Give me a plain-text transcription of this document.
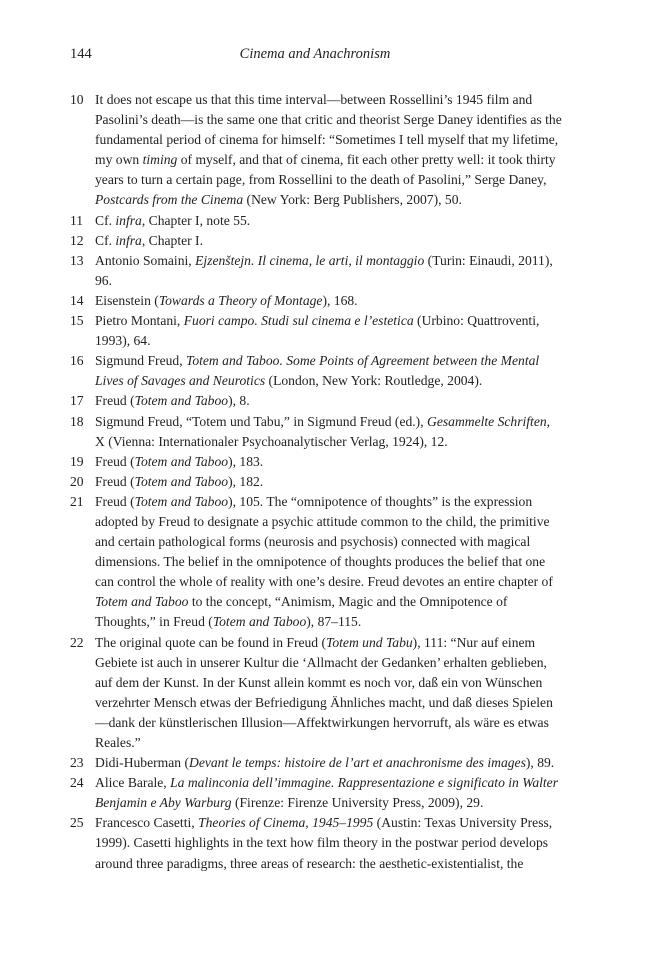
144	Cinema and Anachronism

10 It does not escape us that this time interval—between Rossellini’s 1945 film and Pasolini’s death—is the same one that critic and theorist Serge Daney identifies as the fundamental period of cinema for himself: “Sometimes I tell myself that my lifetime, my own timing of myself, and that of cinema, fit each other pretty well: it took thirty years to turn a certain page, from Rossellini to the death of Pasolini,” Serge Daney, Postcards from the Cinema (New York: Berg Publishers, 2007), 50.

11 Cf. infra, Chapter I, note 55.

12 Cf. infra, Chapter I.

13 Antonio Somaini, Ejzenštejn. Il cinema, le arti, il montaggio (Turin: Einaudi, 2011), 96.

14 Eisenstein (Towards a Theory of Montage), 168.

15 Pietro Montani, Fuori campo. Studi sul cinema e l’estetica (Urbino: Quattroventi, 1993), 64.

16 Sigmund Freud, Totem and Taboo. Some Points of Agreement between the Mental Lives of Savages and Neurotics (London, New York: Routledge, 2004).

17 Freud (Totem and Taboo), 8.

18 Sigmund Freud, “Totem und Tabu,” in Sigmund Freud (ed.), Gesammelte Schriften, X (Vienna: Internationaler Psychoanalytischer Verlag, 1924), 12.

19 Freud (Totem and Taboo), 183.

20 Freud (Totem and Taboo), 182.

21 Freud (Totem and Taboo), 105. The “omnipotence of thoughts” is the expression adopted by Freud to designate a psychic attitude common to the child, the primitive and certain pathological forms (neurosis and psychosis) connected with magical dimensions. The belief in the omnipotence of thoughts produces the belief that one can control the whole of reality with one’s desire. Freud devotes an entire chapter of Totem and Taboo to the concept, “Animism, Magic and the Omnipotence of Thoughts,” in Freud (Totem and Taboo), 87–115.

22 The original quote can be found in Freud (Totem und Tabu), 111: “Nur auf einem Gebiete ist auch in unserer Kultur die ‘Allmacht der Gedanken’ erhalten geblieben, auf dem der Kunst. In der Kunst allein kommt es noch vor, daß ein von Wünschen verzehrter Mensch etwas der Befriedigung Ähnliches macht, und daß dieses Spielen—dank der künstlerischen Illusion—Affektwirkungen hervorruft, als wäre es etwas Reales.”

23 Didi-Huberman (Devant le temps: histoire de l’art et anachronisme des images), 89.

24 Alice Barale, La malinconia dell’immagine. Rappresentazione e significato in Walter Benjamin e Aby Warburg (Firenze: Firenze University Press, 2009), 29.

25 Francesco Casetti, Theories of Cinema, 1945–1995 (Austin: Texas University Press, 1999). Casetti highlights in the text how film theory in the postwar period develops around three paradigms, three areas of research: the aesthetic-existentialist, the
